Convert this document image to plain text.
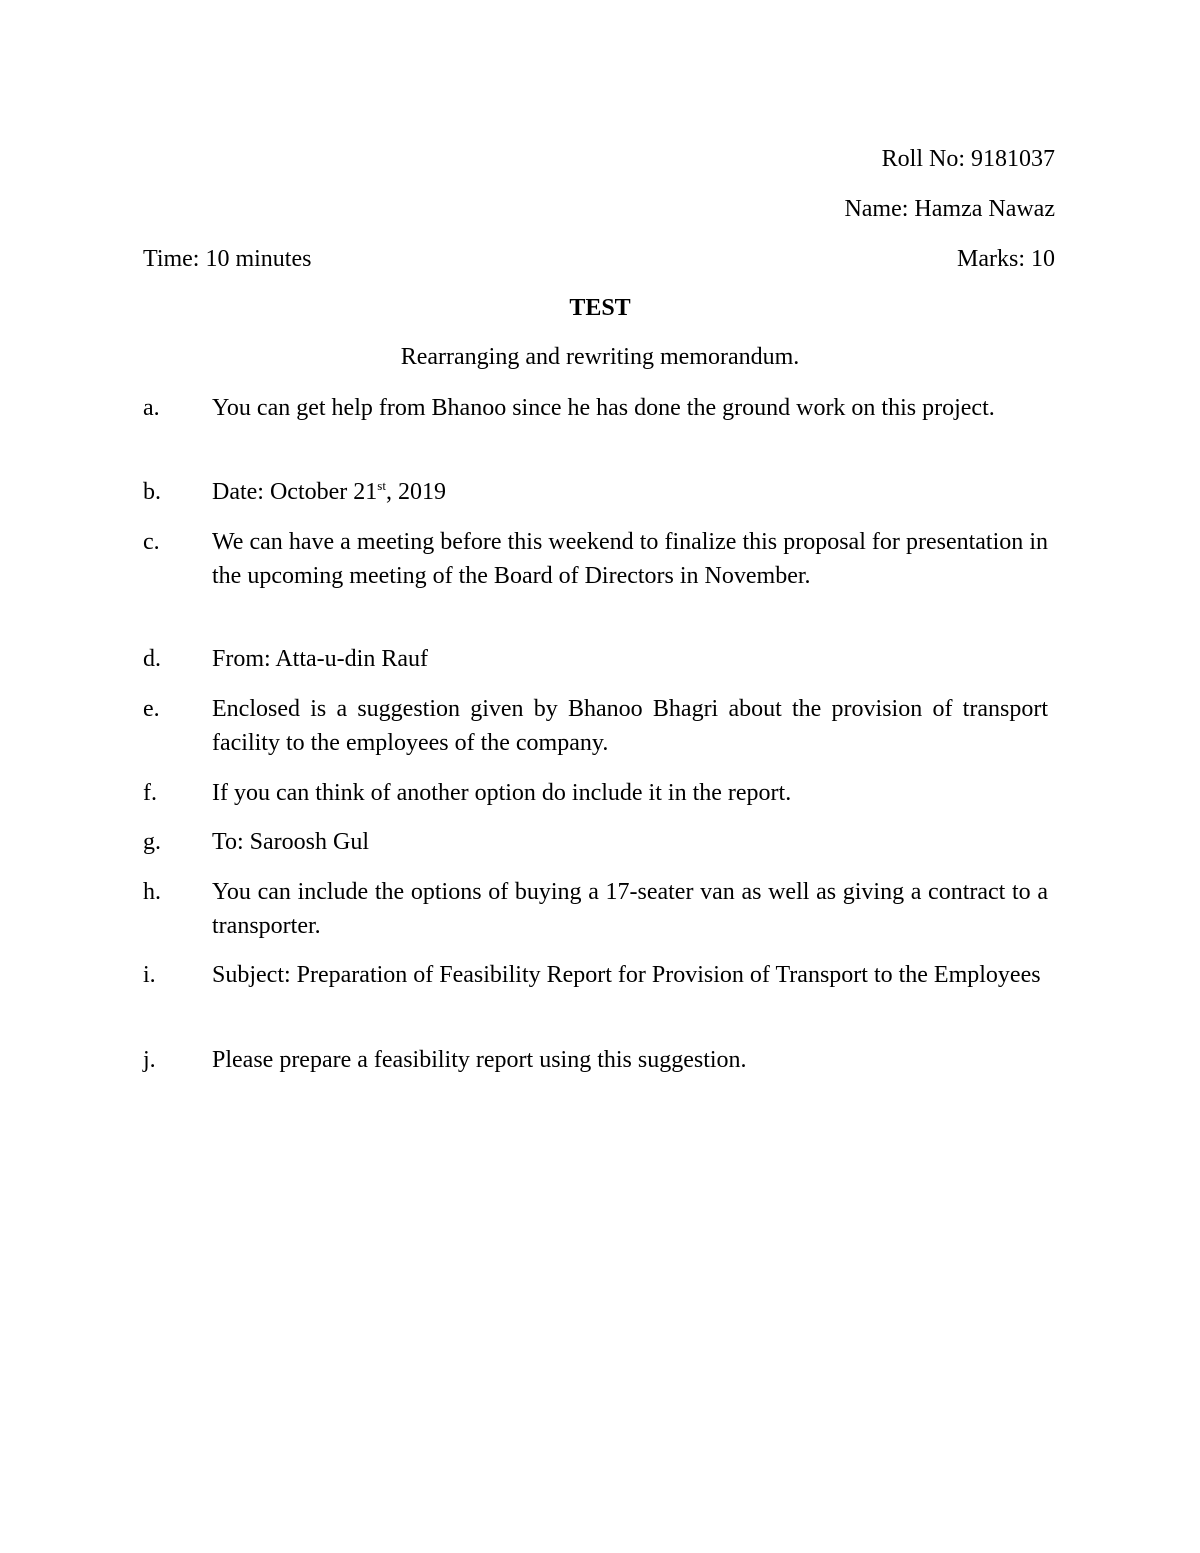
Roll No: 9181037
Name: Hamza Nawaz
Time: 10 minutes	Marks: 10
TEST
Rearranging and rewriting memorandum.
a. You can get help from Bhanoo since he has done the ground work on this project.
b. Date: October 21st, 2019
c. We can have a meeting before this weekend to finalize this proposal for presentation in the upcoming meeting of the Board of Directors in November.
d. From: Atta-u-din Rauf
e. Enclosed is a suggestion given by Bhanoo Bhagri about the provision of transport facility to the employees of the company.
f. If you can think of another option do include it in the report.
g. To: Saroosh Gul
h. You can include the options of buying a 17-seater van as well as giving a contract to a transporter.
i. Subject: Preparation of Feasibility Report for Provision of Transport to the Employees
j. Please prepare a feasibility report using this suggestion.
